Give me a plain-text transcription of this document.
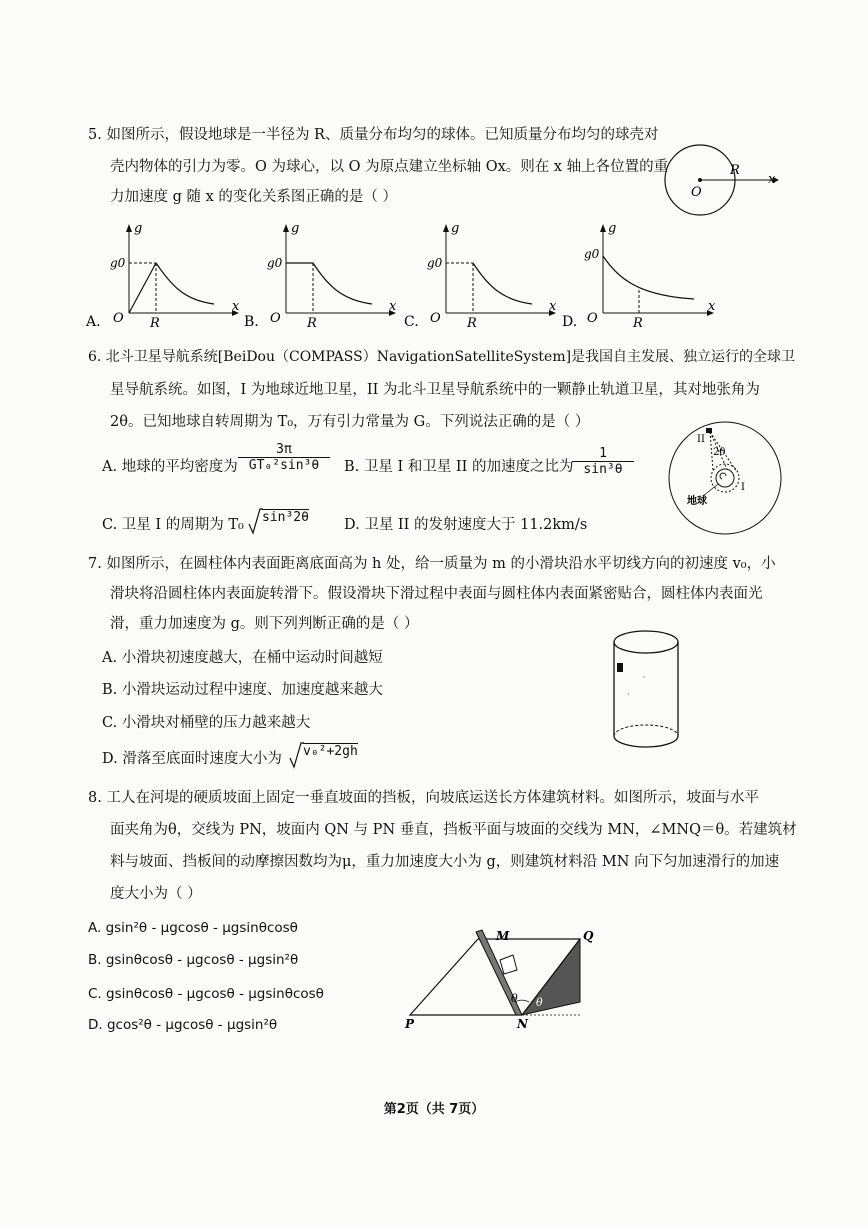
5. 如图所示，假设地球是一半径为 R、质量分布均匀的球体。已知质量分布均匀的球壳对
壳内物体的引力为零。O 为球心，以 O 为原点建立坐标轴 Ox。则在 x 轴上各位置的重
力加速度 g 随 x 的变化关系图正确的是（ ）	O
R
x
g
g0
O R
x
A.
g
g0
O R
x
B.
g
g0
O R
x
C.
g
g0
O	R
x
D.
6. 北斗卫星导航系统[BeiDou（COMPASS）NavigationSatelliteSystem]是我国自主发展、独立运行的全球卫
星导航系统。如图，I 为地球近地卫星，II 为北斗卫星导航系统中的一颗静止轨道卫星，其对地张角为
2θ。已知地球自转周期为 T₀，万有引力常量为 G。下列说法正确的是（ ）
A. 地球的平均密度为 $\frac{3\pi}{\text{GT₀²sin³θ}} B$. 卫星 I 和卫星 II 的加速度之比为
$\frac{1}{\text{sin³θ}}$
C. 卫星 I 的周期为 T₀ sin³2θ D. 卫星 II 的发射速度大于 11.2km/s
II
2θ
I
地球
7. 如图所示，在圆柱体内表面距离底面高为 h 处，给一质量为 m 的小滑块沿水平切线方向的初速度 v₀，小
滑块将沿圆柱体内表面旋转滑下。假设滑块下滑过程中表面与圆柱体内表面紧密贴合，圆柱体内表面光
滑，重力加速度为 g。则下列判断正确的是（ ）
A. 小滑块初速度越大，在桶中运动时间越短
B. 小滑块运动过程中速度、加速度越来越大
C. 小滑块对桶壁的压力越来越大
D. 滑落至底面时速度大小为 v₀²+2gh
8. 工人在河堤的硬质坡面上固定一垂直坡面的挡板，向坡底运送长方体建筑材料。如图所示，坡面与水平
面夹角为θ，交线为 PN，坡面内 QN 与 PN 垂直，挡板平面与坡面的交线为 MN，∠MNQ＝θ。若建筑材
料与坡面、挡板间的动摩擦因数均为μ，重力加速度大小为 g，则建筑材料沿 MN 向下匀加速滑行的加速
度大小为（ ）
A. gsin²θ - μgcosθ - μgsinθcosθ
B. gsinθcosθ - μgcosθ - μgsin²θ
C. gsinθcosθ - μgcosθ - μgsinθcosθ
D. gcos²θ - μgcosθ - μgsin²θ
M	Q
P	N
θ θ
第2页（共 7页）
